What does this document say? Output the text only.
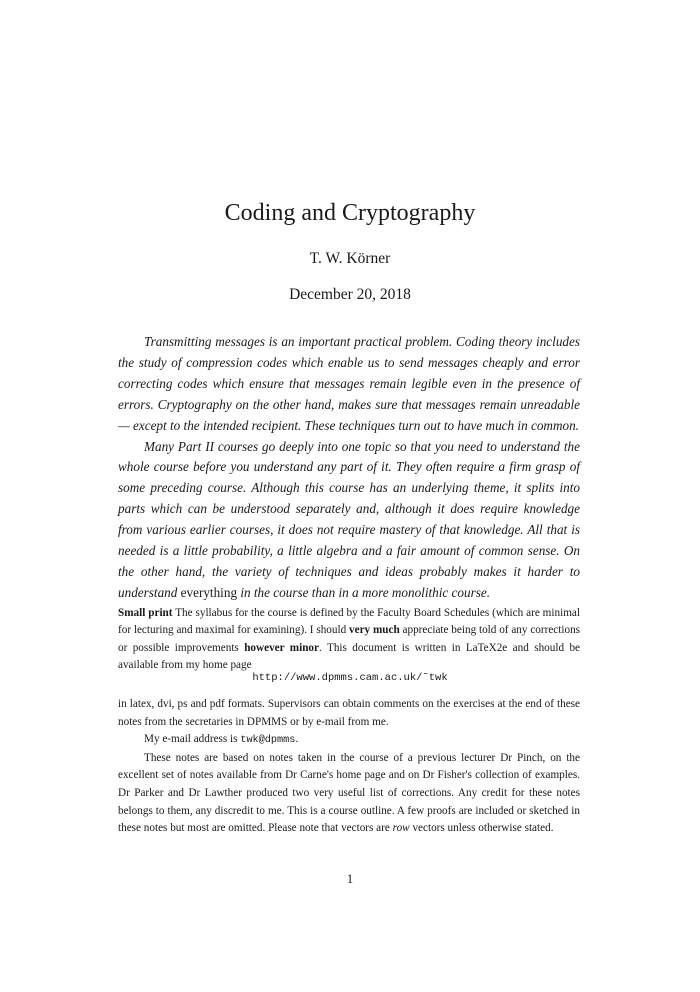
Coding and Cryptography
T. W. Körner
December 20, 2018

Transmitting messages is an important practical problem. Coding theory includes the study of compression codes which enable us to send messages cheaply and error correcting codes which ensure that messages remain legible even in the presence of errors. Cryptography on the other hand, makes sure that messages remain unreadable — except to the intended recipient. These techniques turn out to have much in common.

Many Part II courses go deeply into one topic so that you need to understand the whole course before you understand any part of it. They often require a firm grasp of some preceding course. Although this course has an underlying theme, it splits into parts which can be understood separately and, although it does require knowledge from various earlier courses, it does not require mastery of that knowledge. All that is needed is a little probability, a little algebra and a fair amount of common sense. On the other hand, the variety of techniques and ideas probably makes it harder to understand everything in the course than in a more monolithic course.

Small print The syllabus for the course is defined by the Faculty Board Schedules (which are minimal for lecturing and maximal for examining). I should very much appreciate being told of any corrections or possible improvements however minor. This document is written in LaTeX2e and should be available from my home page

http://www.dpmms.cam.ac.uk/˜twk

in latex, dvi, ps and pdf formats. Supervisors can obtain comments on the exercises at the end of these notes from the secretaries in DPMMS or by e-mail from me.

My e-mail address is twk@dpmms.

These notes are based on notes taken in the course of a previous lecturer Dr Pinch, on the excellent set of notes available from Dr Carne's home page and on Dr Fisher's collection of examples. Dr Parker and Dr Lawther produced two very useful list of corrections. Any credit for these notes belongs to them, any discredit to me. This is a course outline. A few proofs are included or sketched in these notes but most are omitted. Please note that vectors are row vectors unless otherwise stated.

1
